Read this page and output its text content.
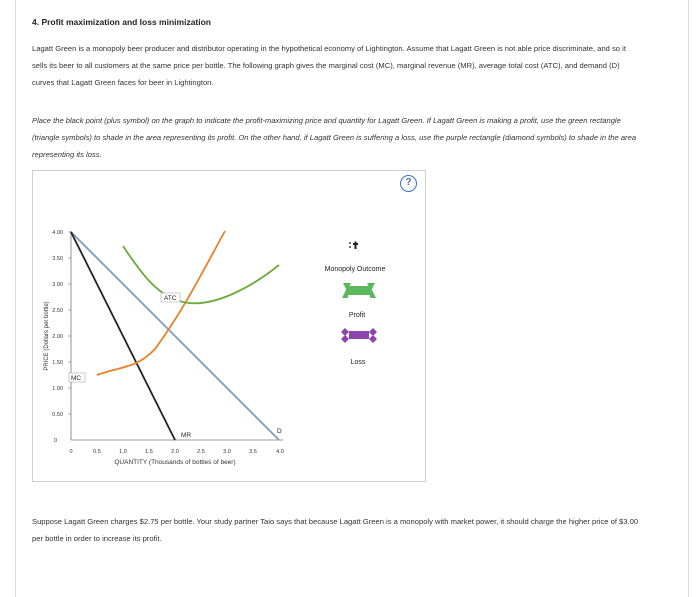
4. Profit maximization and loss minimization
Lagatt Green is a monopoly beer producer and distributor operating in the hypothetical economy of Lightington. Assume that Lagatt Green is not able price discriminate, and so it sells its beer to all customers at the same price per bottle. The following graph gives the marginal cost (MC), marginal revenue (MR), average total cost (ATC), and demand (D) curves that Lagatt Green faces for beer in Lightington.
Place the black point (plus symbol) on the graph to indicate the profit-maximizing price and quantity for Lagatt Green. If Lagatt Green is making a profit, use the green rectangle (triangle symbols) to shade in the area representing its profit. On the other hand, if Lagatt Green is suffering a loss, use the purple rectangle (diamond symbols) to shade in the area representing its loss.
4.00
3.50
3.00
2.50
2.00
1.50
1.00
0.50
0
0	0.5	1.0	1.5	2.0	2.5	3.0	3.5	4.0
PRICE (Dollars per bottle)
QUANTITY (Thousands of bottles of beer)
ATC
MC
MR
D
Monopoly Outcome
Profit
Loss
?
Suppose Lagatt Green charges $2.75 per bottle. Your study partner Taio says that because Lagatt Green is a monopoly with market power, it should charge the higher price of $3.00 per bottle in order to increase its profit.
